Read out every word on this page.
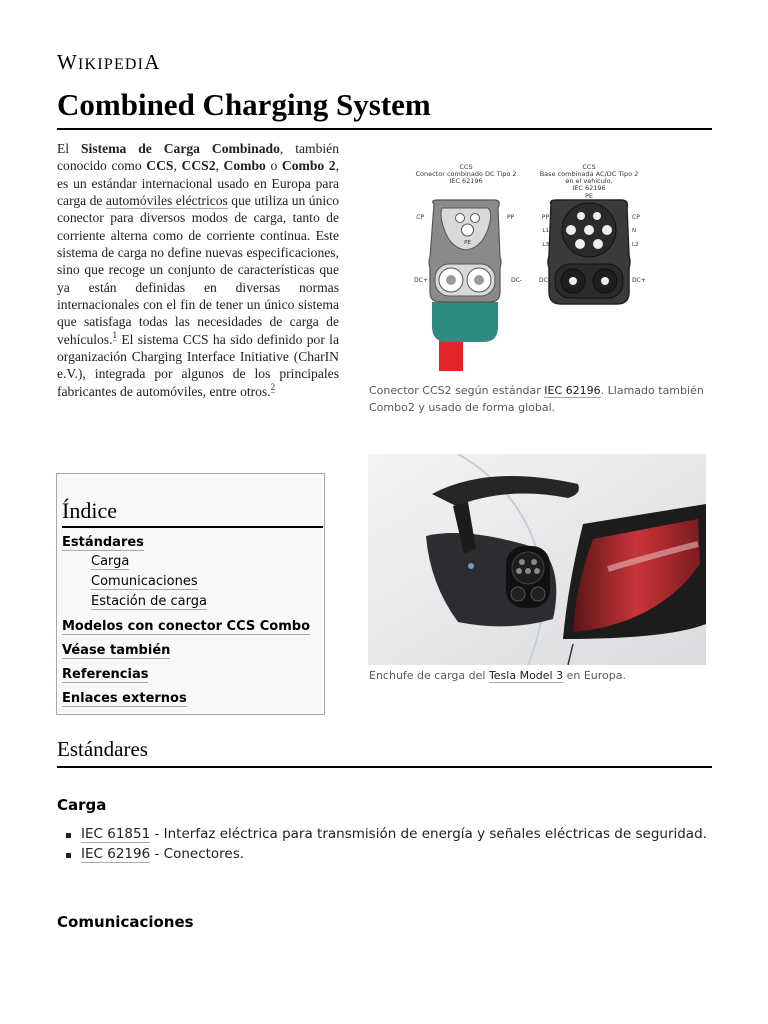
WIKIPEDIA
Combined Charging System

El Sistema de Carga Combinado, también conocido como CCS, CCS2, Combo o Combo 2, es un estándar internacional usado en Europa para carga de automóviles eléctricos que utiliza un único conector para diversos modos de carga, tanto de corriente alterna como de corriente continua. Este sistema de carga no define nuevas especificaciones, sino que recoge un conjunto de características que ya están definidas en diversas normas internacionales con el fin de tener un único sistema que satisfaga todas las necesidades de carga de vehículos.$^1$ El sistema CCS ha sido definido por la organización Charging Interface Initiative (CharIN e.V.), integrada por algunos de los principales fabricantes de automóviles, entre otros.$^2$

CCS
Conector combinado DC Tipo 2
IEC 62196
CCS
Base combinada AC/DC Tipo 2
en el vehículo.
IEC 62196
PE
CP	PP
PE
DC+	DC-
PP	CP
L1	N
L3	L2
DC-	DC+
Conector CCS2 según estándar IEC 62196. Llamado también Combo2 y usado de forma global.
Enchufe de carga del Tesla Model 3 en Europa.
Índice
Estándares
Carga
Comunicaciones
Estación de carga
Modelos con conector CCS Combo
Véase también
Referencias
Enlaces externos
Estándares
Carga
IEC 61851 - Interfaz eléctrica para transmisión de energía y señales eléctricas de seguridad.
IEC 62196 - Conectores.
Comunicaciones
